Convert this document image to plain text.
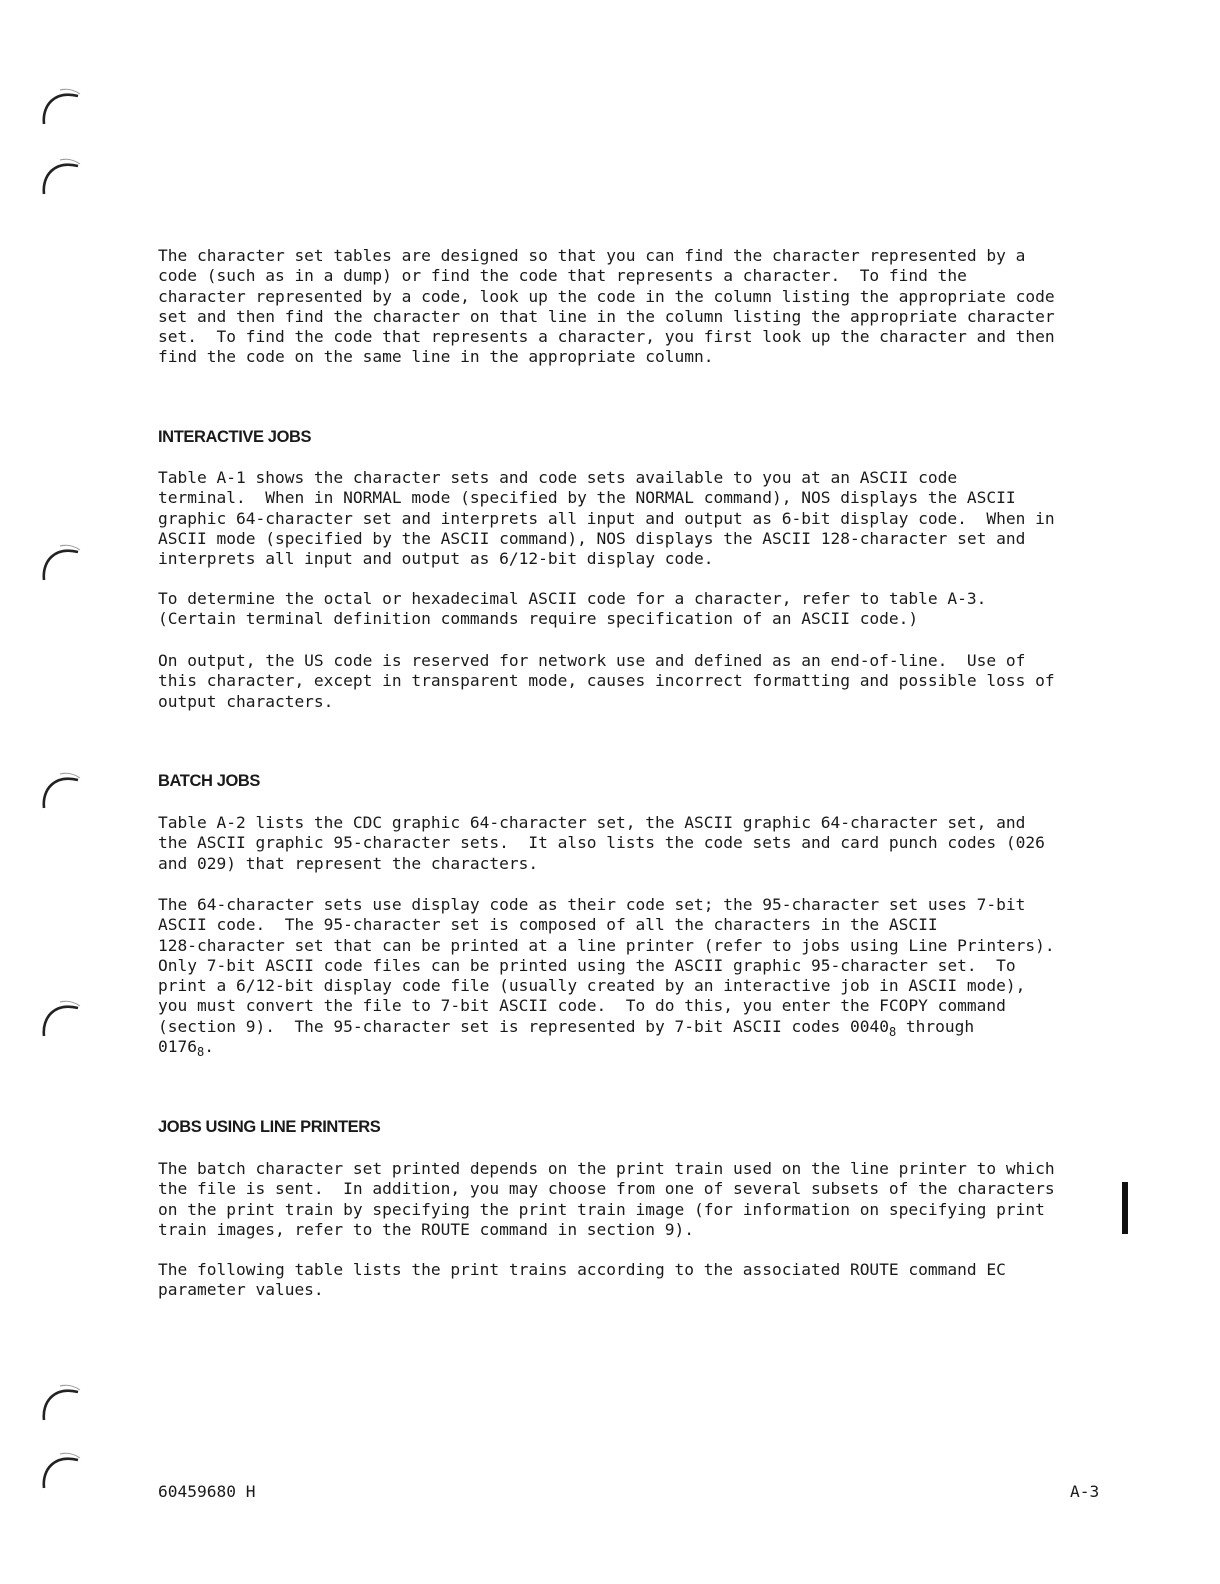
The character set tables are designed so that you can find the character represented by a
code (such as in a dump) or find the code that represents a character.  To find the
character represented by a code, look up the code in the column listing the appropriate code
set and then find the character on that line in the column listing the appropriate character
set.  To find the code that represents a character, you first look up the character and then
find the code on the same line in the appropriate column.

INTERACTIVE JOBS

Table A-1 shows the character sets and code sets available to you at an ASCII code
terminal.  When in NORMAL mode (specified by the NORMAL command), NOS displays the ASCII
graphic 64-character set and interprets all input and output as 6-bit display code.  When in
ASCII mode (specified by the ASCII command), NOS displays the ASCII 128-character set and
interprets all input and output as 6/12-bit display code.

To determine the octal or hexadecimal ASCII code for a character, refer to table A-3.
(Certain terminal definition commands require specification of an ASCII code.)

On output, the US code is reserved for network use and defined as an end-of-line.  Use of
this character, except in transparent mode, causes incorrect formatting and possible loss of
output characters.

BATCH JOBS

Table A-2 lists the CDC graphic 64-character set, the ASCII graphic 64-character set, and
the ASCII graphic 95-character sets.  It also lists the code sets and card punch codes (026
and 029) that represent the characters.

The 64-character sets use display code as their code set; the 95-character set uses 7-bit
ASCII code.  The 95-character set is composed of all the characters in the ASCII
128-character set that can be printed at a line printer (refer to jobs using Line Printers).
Only 7-bit ASCII code files can be printed using the ASCII graphic 95-character set.  To
print a 6/12-bit display code file (usually created by an interactive job in ASCII mode),
you must convert the file to 7-bit ASCII code.  To do this, you enter the FCOPY command
(section 9).  The 95-character set is represented by 7-bit ASCII codes $0040_8$ through
$0176_8$.

JOBS USING LINE PRINTERS

The batch character set printed depends on the print train used on the line printer to which
the file is sent.  In addition, you may choose from one of several subsets of the characters
on the print train by specifying the print train image (for information on specifying print
train images, refer to the ROUTE command in section 9).

The following table lists the print trains according to the associated ROUTE command EC
parameter values.

60459680 H	A-3
